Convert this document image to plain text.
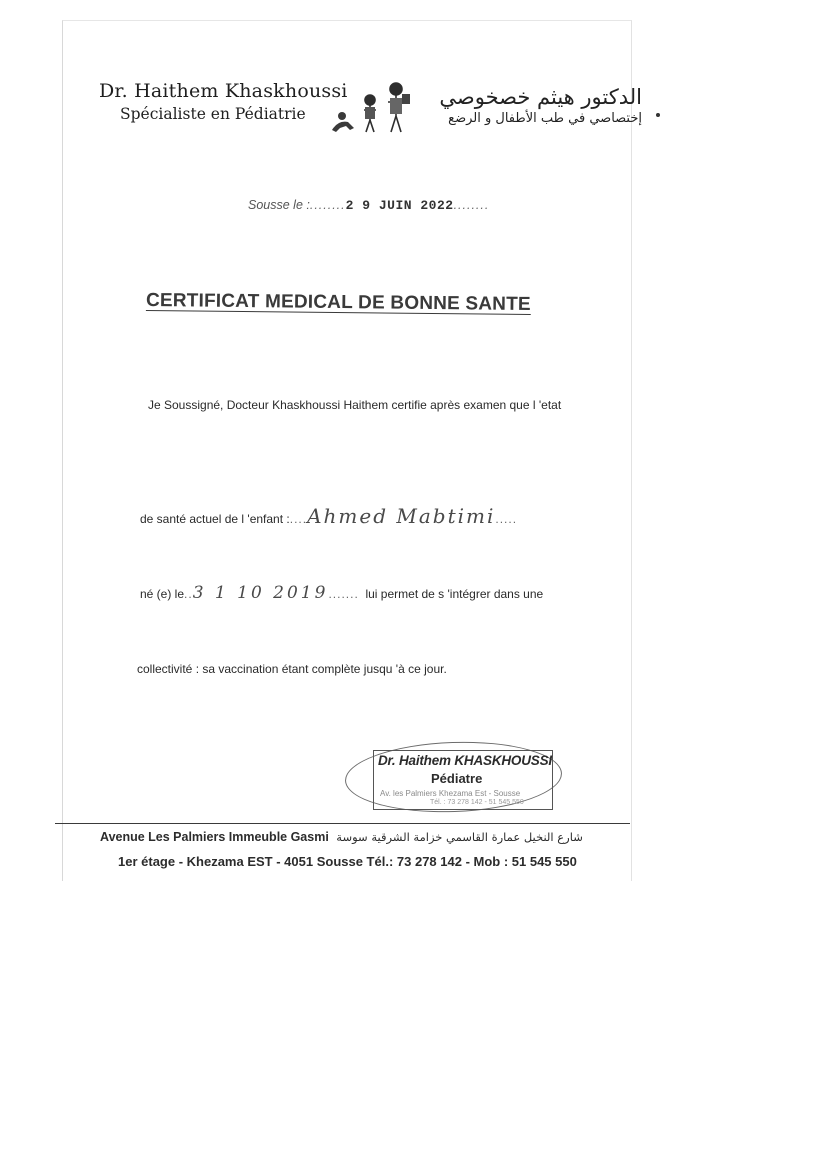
Dr. Haithem Khaskhoussi
Spécialiste en Pédiatrie
الدكتور هيثم خصخوصي
إختصاصي في طب الأطفال و الرضع
Sousse le :........2 9 JUIN 2022........
CERTIFICAT MEDICAL DE BONNE SANTE
Je Soussigné, Docteur Khaskhoussi Haithem certifie après examen que l 'etat
de santé actuel de l 'enfant :....Ahmed Mabtimi.....
né (e) le..3 1 10 2019....... lui permet de s 'intégrer dans une
collectivité : sa vaccination étant complète jusqu 'à ce jour.
Dr. Haithem KHASKHOUSSI
Pédiatre
Av. les Palmiers Khezama Est - Sousse
Tél. : 73 278 142 - 51 545 550
Avenue Les Palmiers Immeuble Gasmi شارع النخيل عمارة القاسمي خزامة الشرقية سوسة
1er étage - Khezama EST - 4051 Sousse Tél.: 73 278 142 - Mob : 51 545 550
